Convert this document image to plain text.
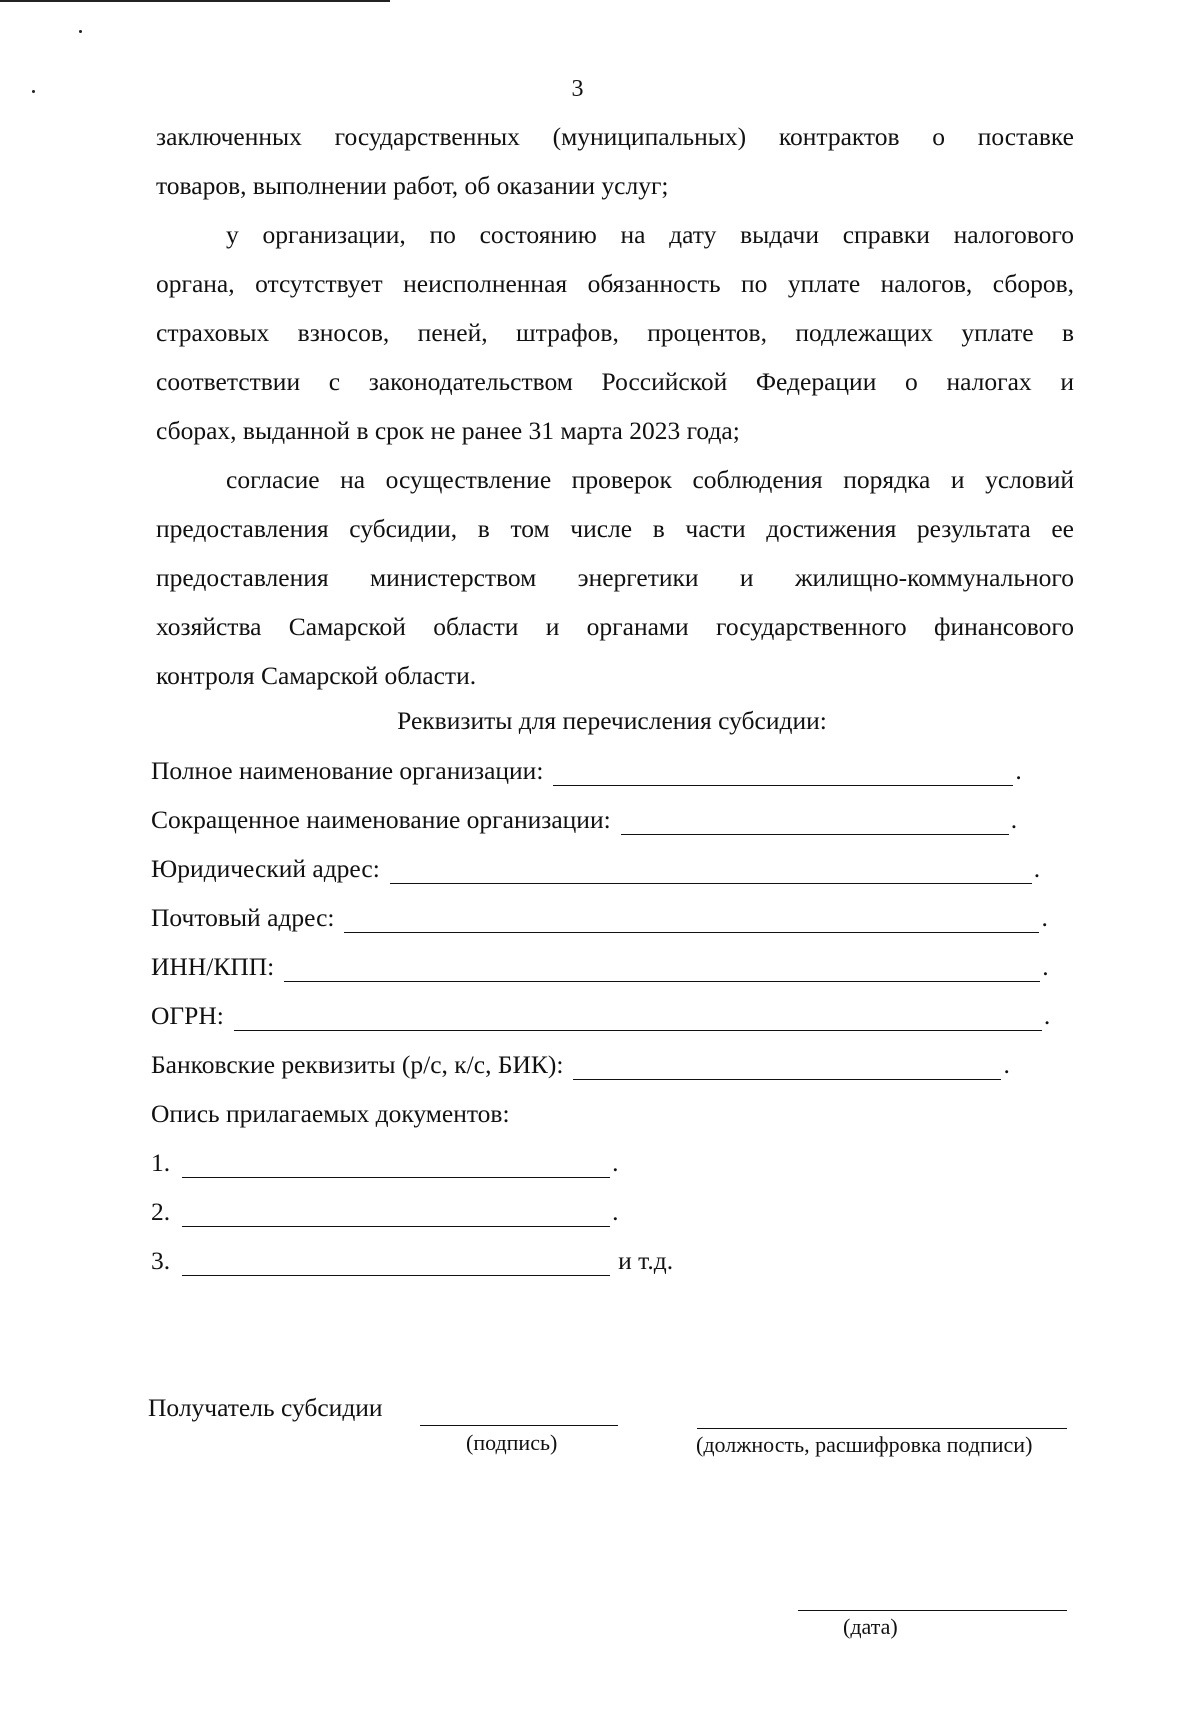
3
заключенных государственных (муниципальных) контрактов о поставке
товаров, выполнении работ, об оказании услуг;
у организации, по состоянию на дату выдачи справки налогового
органа, отсутствует неисполненная обязанность по уплате налогов, сборов,
страховых взносов, пеней, штрафов, процентов, подлежащих уплате в
соответствии с законодательством Российской Федерации о налогах и
сборах, выданной в срок не ранее 31 марта 2023 года;
согласие на осуществление проверок соблюдения порядка и условий
предоставления субсидии, в том числе в части достижения результата ее
предоставления министерством энергетики и жилищно-коммунального
хозяйства Самарской области и органами государственного финансового
контроля Самарской области.
Реквизиты для перечисления субсидии:
Полное наименование организации:	.
Сокращенное наименование организации:	.
Юридический адрес:	.
Почтовый адрес:	.
ИНН/КПП:	.
ОГРН:	.
Банковские реквизиты (р/с, к/с, БИК):	.
Опись прилагаемых документов:
1.	.
2.	.
3.	и т.д.
Получатель субсидии
(подпись)	(должность, расшифровка подписи)
(дата)
